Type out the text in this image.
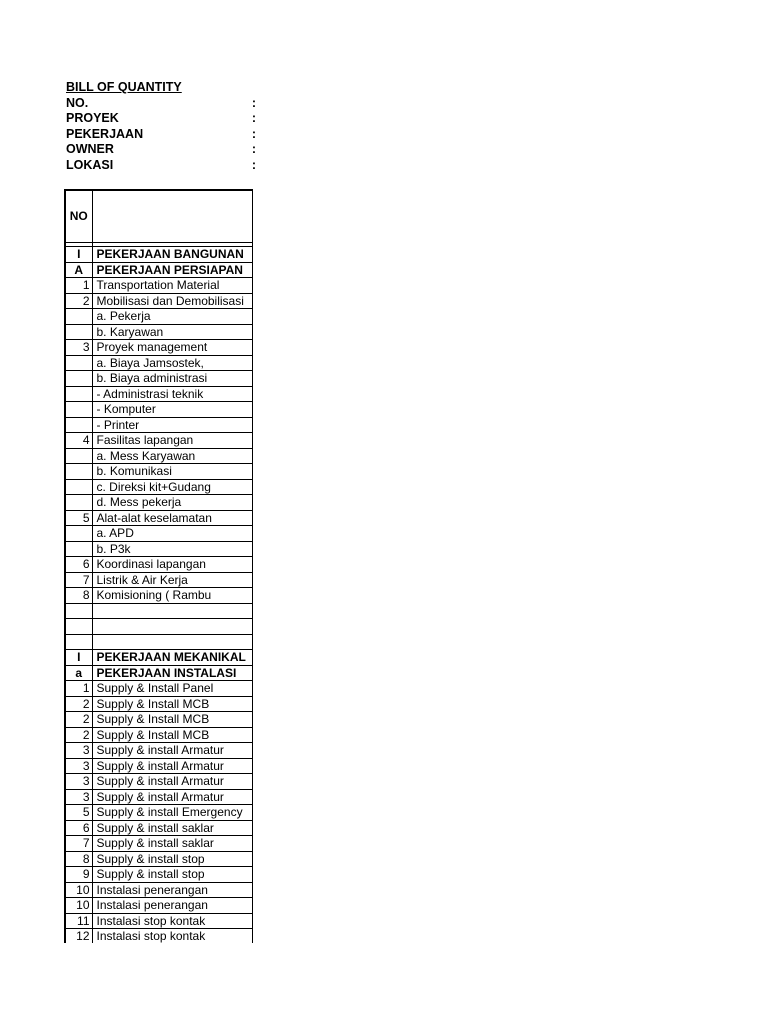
BILL OF QUANTITY
NO.	:
PROYEK	:
PEKERJAAN	:
OWNER	:
LOKASI	:
NO	

I	PEKERJAAN BANGUNAN
A	PEKERJAAN PERSIAPAN
1	Transportation Material
2	Mobilisasi dan Demobilisasi
	a. Pekerja
	b. Karyawan
3	Proyek management
	a. Biaya Jamsostek,
	b. Biaya administrasi
	- Administrasi teknik
	- Komputer
	- Printer
4	Fasilitas lapangan
	a. Mess Karyawan
	b. Komunikasi
	c. Direksi kit+Gudang
	d. Mess pekerja
5	Alat-alat keselamatan
	a. APD
	b. P3k
6	Koordinasi lapangan
7	Listrik & Air Kerja
8	Komisioning ( Rambu

I	PEKERJAAN MEKANIKAL
a	PEKERJAAN INSTALASI
1	Supply & Install Panel
2	Supply & Install MCB
2	Supply & Install MCB
2	Supply & Install MCB
3	Supply & install Armatur
3	Supply & install Armatur
3	Supply & install Armatur
3	Supply & install Armatur
5	Supply & install Emergency
6	Supply & install saklar
7	Supply & install saklar
8	Supply & install stop
9	Supply & install stop
10	Instalasi penerangan
10	Instalasi penerangan
11	Instalasi stop kontak
12	Instalasi stop kontak
